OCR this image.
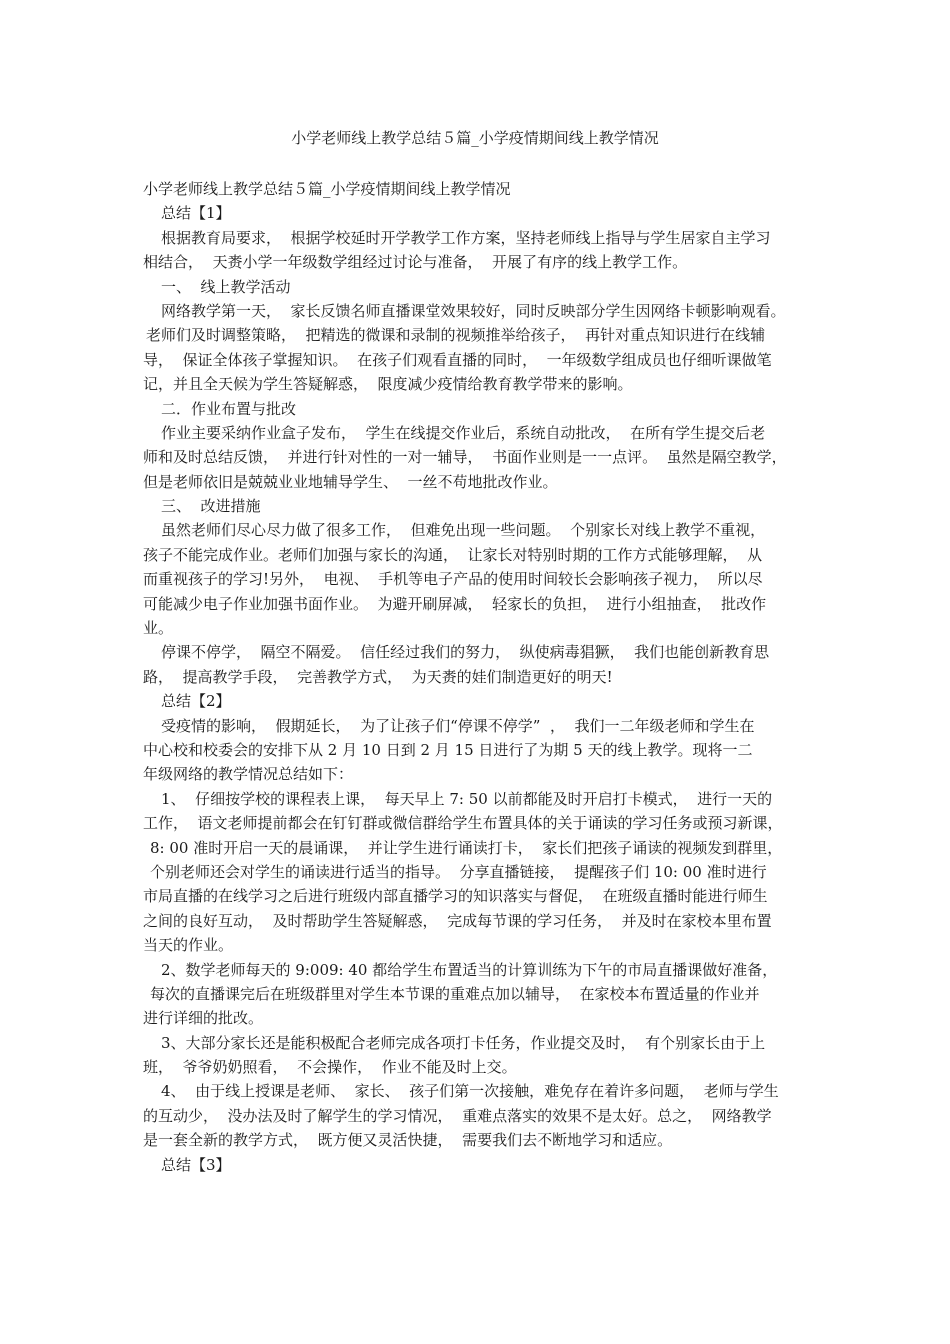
小学老师线上教学总结５篇_小学疫情期间线上教学情况
小学老师线上教学总结５篇_小学疫情期间线上教学情况
总结【1】
根据教育局要求，  根据学校延时开学教学工作方案，坚持老师线上指导与学生居家自主学习
相结合，  天赉小学一年级数学组经过讨论与准备，  开展了有序的线上教学工作。
一、  线上教学活动
网络教学第一天，  家长反馈名师直播课堂效果较好，同时反映部分学生因网络卡顿影响观看。
老师们及时调整策略，  把精选的微课和录制的视频推举给孩子，  再针对重点知识进行在线辅
导，  保证全体孩子掌握知识。  在孩子们观看直播的同时，  一年级数学组成员也仔细听课做笔
记，并且全天候为学生答疑解惑，  限度减少疫情给教育教学带来的影响。
二．作业布置与批改
作业主要采纳作业盒子发布，  学生在线提交作业后，系统自动批改，  在所有学生提交后老
师和及时总结反馈，  并进行针对性的一对一辅导，  书面作业则是一一点评。  虽然是隔空教学，
但是老师依旧是兢兢业业地辅导学生、  一丝不苟地批改作业。
三、  改进措施
虽然老师们尽心尽力做了很多工作，  但难免出现一些问题。  个别家长对线上教学不重视，
孩子不能完成作业。老师们加强与家长的沟通，  让家长对特别时期的工作方式能够理解，  从
而重视孩子的学习!另外，  电视、  手机等电子产品的使用时间较长会影响孩子视力，  所以尽
可能减少电子作业加强书面作业。  为避开刷屏减，  轻家长的负担，  进行小组抽查，  批改作
业。
停课不停学，  隔空不隔爱。  信任经过我们的努力，  纵使病毒猖獗，  我们也能创新教育思
路，  提高教学手段，  完善教学方式，  为天赉的娃们制造更好的明天!
总结【2】
受疫情的影响，  假期延长，  为了让孩子们“停课不停学”  ，  我们一二年级老师和学生在
中心校和校委会的安排下从 2 月 10 日到 2 月 15 日进行了为期 5 天的线上教学。现将一二
年级网络的教学情况总结如下：
1、  仔细按学校的课程表上课，  每天早上 7: 50 以前都能及时开启打卡模式，  进行一天的
工作，  语文老师提前都会在钉钉群或微信群给学生布置具体的关于诵读的学习任务或预习新课，
8: 00 准时开启一天的晨诵课，  并让学生进行诵读打卡，  家长们把孩子诵读的视频发到群里，
个别老师还会对学生的诵读进行适当的指导。  分享直播链接，  提醒孩子们 10: 00 准时进行
市局直播的在线学习之后进行班级内部直播学习的知识落实与督促，  在班级直播时能进行师生
之间的良好互动，  及时帮助学生答疑解惑，  完成每节课的学习任务，  并及时在家校本里布置
当天的作业。
2、数学老师每天的 9:009: 40 都给学生布置适当的计算训练为下午的市局直播课做好准备，
每次的直播课完后在班级群里对学生本节课的重难点加以辅导，  在家校本布置适量的作业并
进行详细的批改。
3、大部分家长还是能积极配合老师完成各项打卡任务，作业提交及时，  有个别家长由于上
班，  爷爷奶奶照看，  不会操作，  作业不能及时上交。
4、  由于线上授课是老师、  家长、  孩子们第一次接触，难免存在着许多问题，  老师与学生
的互动少，  没办法及时了解学生的学习情况，  重难点落实的效果不是太好。总之，  网络教学
是一套全新的教学方式，  既方便又灵活快捷，  需要我们去不断地学习和适应。
总结【3】
